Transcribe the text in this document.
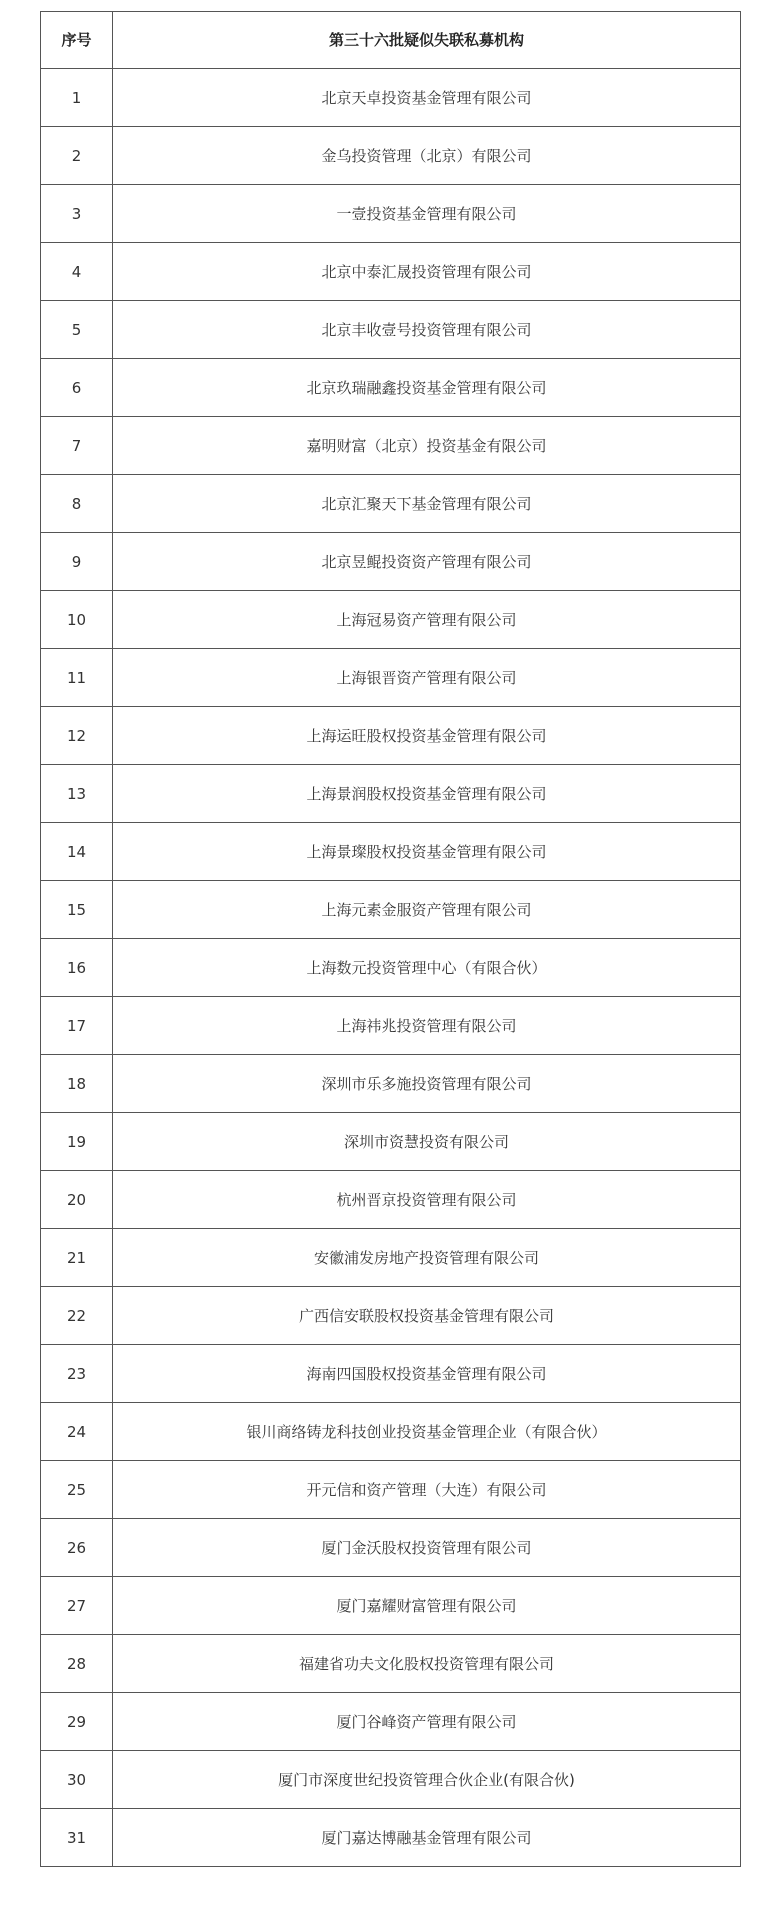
序号	第三十六批疑似失联私募机构
1	北京天卓投资基金管理有限公司
2	金乌投资管理（北京）有限公司
3	一壹投资基金管理有限公司
4	北京中泰汇晟投资管理有限公司
5	北京丰收壹号投资管理有限公司
6	北京玖瑞融鑫投资基金管理有限公司
7	嘉明财富（北京）投资基金有限公司
8	北京汇聚天下基金管理有限公司
9	北京昱鲲投资资产管理有限公司
10	上海冠易资产管理有限公司
11	上海银晋资产管理有限公司
12	上海运旺股权投资基金管理有限公司
13	上海景润股权投资基金管理有限公司
14	上海景璨股权投资基金管理有限公司
15	上海元素金服资产管理有限公司
16	上海数元投资管理中心（有限合伙）
17	上海祎兆投资管理有限公司
18	深圳市乐多施投资管理有限公司
19	深圳市资慧投资有限公司
20	杭州晋京投资管理有限公司
21	安徽浦发房地产投资管理有限公司
22	广西信安联股权投资基金管理有限公司
23	海南四国股权投资基金管理有限公司
24	银川商络铸龙科技创业投资基金管理企业（有限合伙）
25	开元信和资产管理（大连）有限公司
26	厦门金沃股权投资管理有限公司
27	厦门嘉耀财富管理有限公司
28	福建省功夫文化股权投资管理有限公司
29	厦门谷峰资产管理有限公司
30	厦门市深度世纪投资管理合伙企业(有限合伙)
31	厦门嘉达博融基金管理有限公司
